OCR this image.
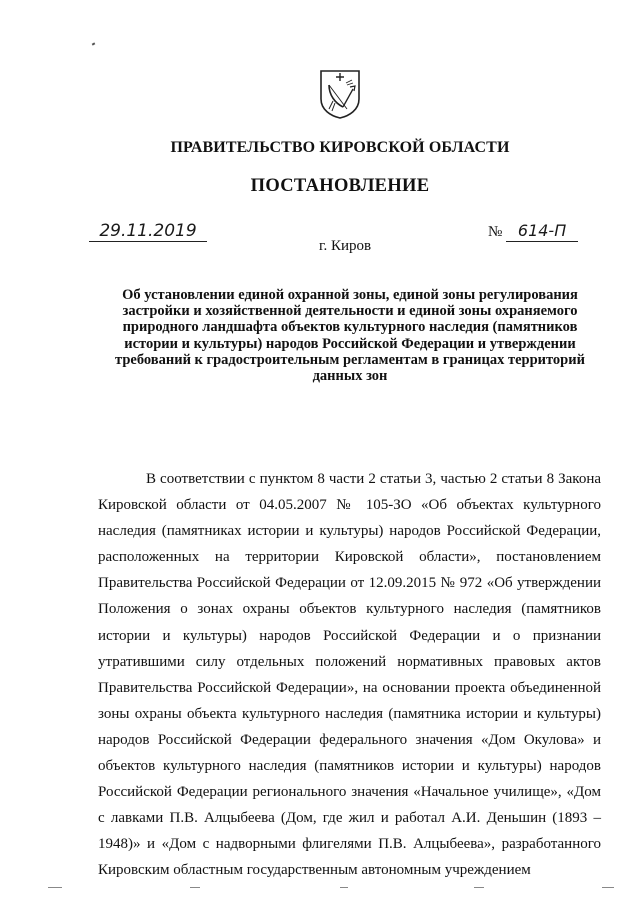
ПРАВИТЕЛЬСТВО КИРОВСКОЙ ОБЛАСТИ
ПОСТАНОВЛЕНИЕ
29.11.2019	№ 614-П
г. Киров
Об установлении единой охранной зоны, единой зоны регулирования застройки и хозяйственной деятельности и единой зоны охраняемого природного ландшафта объектов культурного наследия (памятников истории и культуры) народов Российской Федерации и утверждении требований к градостроительным регламентам в границах территорий данных зон

В соответствии с пунктом 8 части 2 статьи 3, частью 2 статьи 8 Закона Кировской области от 04.05.2007 № 105-ЗО «Об объектах культурного наследия (памятниках истории и культуры) народов Российской Федерации, расположенных на территории Кировской области», постановлением Правительства Российской Федерации от 12.09.2015 № 972 «Об утверждении Положения о зонах охраны объектов культурного наследия (памятников истории и культуры) народов Российской Федерации и о признании утратившими силу отдельных положений нормативных правовых актов Правительства Российской Федерации», на основании проекта объединенной зоны охраны объекта культурного наследия (памятника истории и культуры) народов Российской Федерации федерального значения «Дом Окулова» и объектов культурного наследия (памятников истории и культуры) народов Российской Федерации регионального значения «Начальное училище», «Дом с лавками П.В. Алцыбеева (Дом, где жил и работал А.И. Деньшин (1893 – 1948)» и «Дом с надворными флигелями П.В. Алцыбеева», разработанного Кировским областным государственным автономным учреждением
